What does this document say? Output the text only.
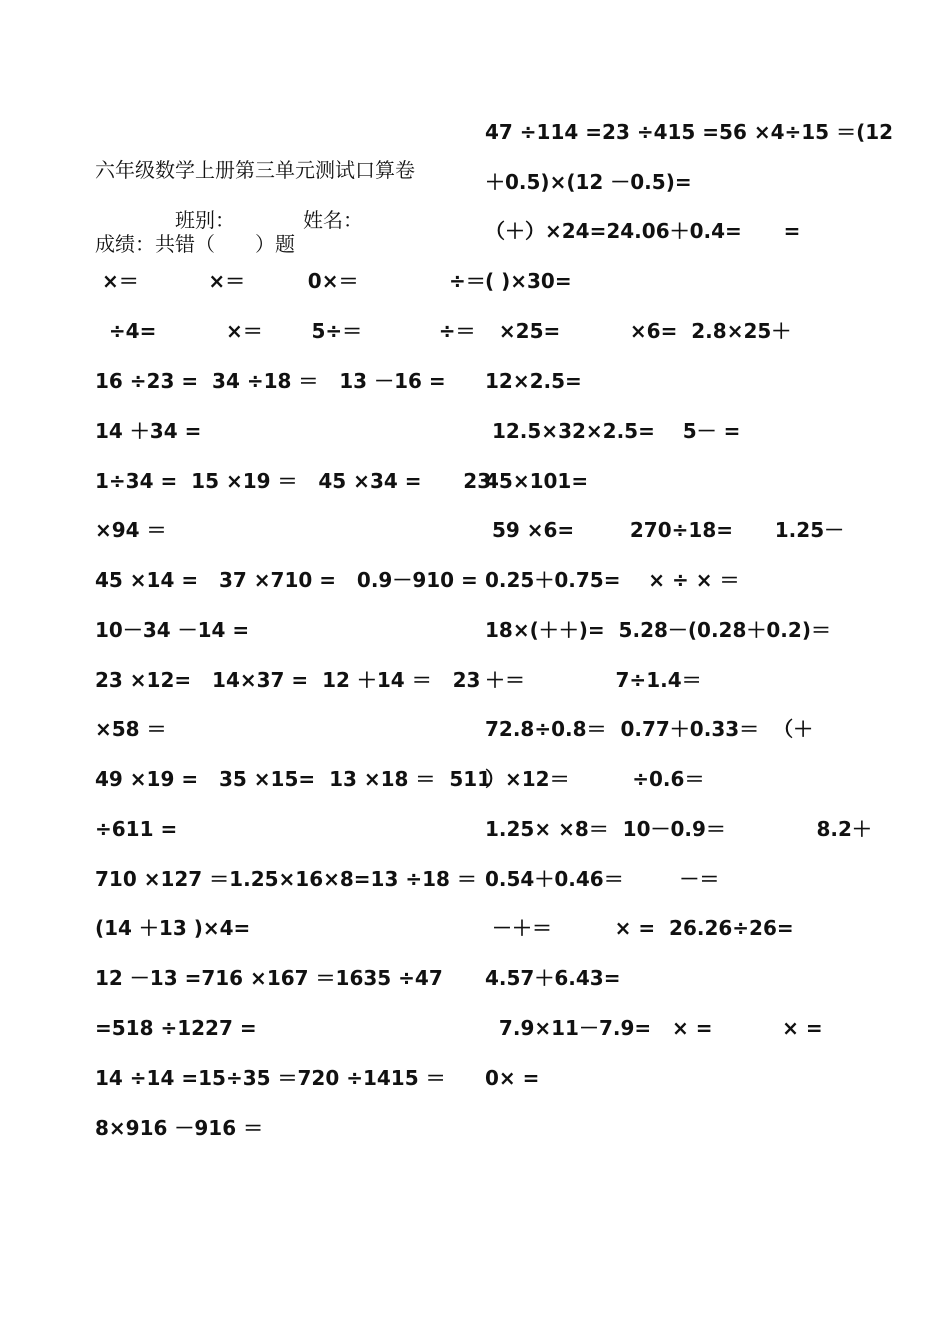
六年级数学上册第三单元测试口算卷
班别：	姓名：
成绩：共错（　　）题
×＝          ×＝         0×＝             ÷＝
÷4=          ×＝       5÷＝           ÷＝
16 ÷23 =  34 ÷18 ＝   13 －16 =
14 ＋34 =
1÷34 =  15 ×19 ＝   45 ×34 =      23
×94 ＝
45 ×14 =   37 ×710 =   0.9－910 =
10－34 －14 =
23 ×12=   14×37 =  12 ＋14 ＝   23
×58 ＝
49 ×19 =   35 ×15=  13 ×18 ＝  511
÷611 =
710 ×127 ＝1.25×16×8=13 ÷18 ＝
(14 ＋13 )×4=
12 －13 =716 ×167 ＝1635 ÷47
=518 ÷1227 =
14 ÷14 =15÷35 ＝720 ÷1415 ＝
8×916 －916 ＝
47 ÷114 =23 ÷415 =56 ×4÷15 ＝(12
＋0.5)×(12 －0.5)=
（＋）×24=24.06＋0.4=      =
( )×30=
×25=          ×6=  2.8×25＋
12×2.5=
12.5×32×2.5=    5－ =
45×101=
59 ×6=        270÷18=      1.25－
0.25＋0.75=    × ÷ × ＝
18×(＋＋)=  5.28－(0.28＋0.2)＝
＋＝             7÷1.4＝
72.8÷0.8＝  0.77＋0.33＝  （＋
）×12＝         ÷0.6＝
1.25× ×8＝  10－0.9＝             8.2＋
0.54＋0.46＝        －＝
－＋＝         × =  26.26÷26=
4.57＋6.43=
7.9×11－7.9=   × =          × =
0× =
